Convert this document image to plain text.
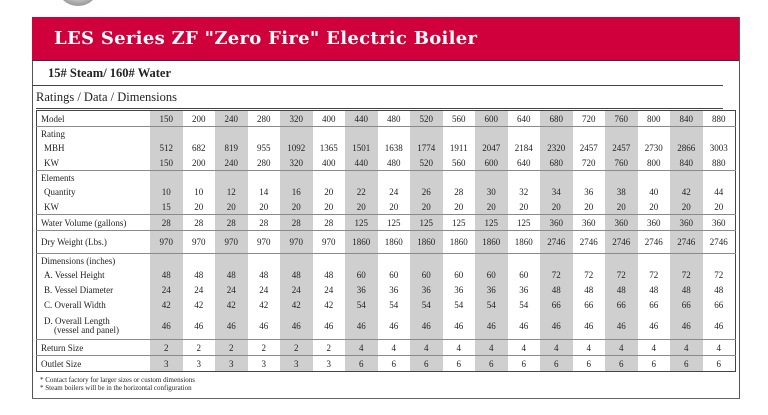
LES Series ZF "Zero Fire" Electric Boiler
15# Steam/ 160# Water
Ratings / Data / Dimensions
Model	150	200	240	280	320	400	440	480	520	560	600	640	680	720	760	800	840	880
Rating																		
MBH	512	682	819	955	1092	1365	1501	1638	1774	1911	2047	2184	2320	2457	2457	2730	2866	3003
KW	150	200	240	280	320	400	440	480	520	560	600	640	680	720	760	800	840	880
Elements																		
Quantity	10	10	12	14	16	20	22	24	26	28	30	32	34	36	38	40	42	44
KW	15	20	20	20	20	20	20	20	20	20	20	20	20	20	20	20	20	20
Water Volume (gallons)	28	28	28	28	28	28	125	125	125	125	125	125	360	360	360	360	360	360
Dry Weight (Lbs.)	970	970	970	970	970	970	1860	1860	1860	1860	1860	1860	2746	2746	2746	2746	2746	2746
Dimensions (inches)																		
A. Vessel Height	48	48	48	48	48	48	60	60	60	60	60	60	72	72	72	72	72	72
B. Vessel Diameter	24	24	24	24	24	24	36	36	36	36	36	36	48	48	48	48	48	48
C. Overall Width	42	42	42	42	42	42	54	54	54	54	54	54	66	66	66	66	66	66
D. Overall Length
(vessel and panel)	46	46	46	46	46	46	46	46	46	46	46	46	46	46	46	46	46	46
Return Size	2	2	2	2	2	2	4	4	4	4	4	4	4	4	4	4	4	4
Outlet Size	3	3	3	3	3	3	6	6	6	6	6	6	6	6	6	6	6	6
* Contact factory for larger sizes or custom dimensions
* Steam boilers will be in the horizontal configuration
